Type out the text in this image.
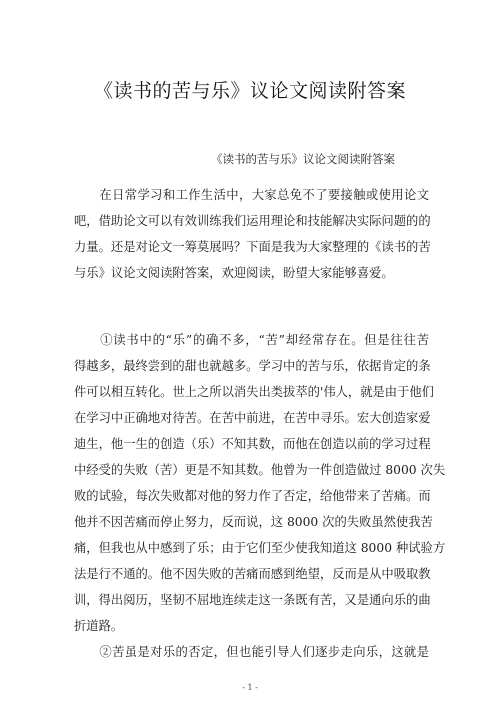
《读书的苦与乐》议论文阅读附答案
《读书的苦与乐》议论文阅读附答案
　　在日常学习和工作生活中，大家总免不了要接触或使用论文
吧，借助论文可以有效训练我们运用理论和技能解决实际问题的的
力量。还是对论文一筹莫展吗？下面是我为大家整理的《读书的苦
与乐》议论文阅读附答案，欢迎阅读，盼望大家能够喜爱。
　　①读书中的“乐”的确不多，“苦”却经常存在。但是往往苦
得越多，最终尝到的甜也就越多。学习中的苦与乐，依据肯定的条
件可以相互转化。世上之所以消失出类拔萃的'伟人，就是由于他们
在学习中正确地对待苦。在苦中前进，在苦中寻乐。宏大创造家爱
迪生，他一生的创造（乐）不知其数，而他在创造以前的学习过程
中经受的失败（苦）更是不知其数。他曾为一件创造做过 8000 次失
败的试验，每次失败都对他的努力作了否定，给他带来了苦痛。而
他并不因苦痛而停止努力，反而说，这 8000 次的失败虽然使我苦
痛，但我也从中感到了乐；由于它们至少使我知道这 8000 种试验方
法是行不通的。他不因失败的苦痛而感到绝望，反而是从中吸取教
训，得出阅历，坚韧不屈地连续走这一条既有苦，又是通向乐的曲
折道路。
　　②苦虽是对乐的否定，但也能引导人们逐步走向乐，这就是
- 1 -
